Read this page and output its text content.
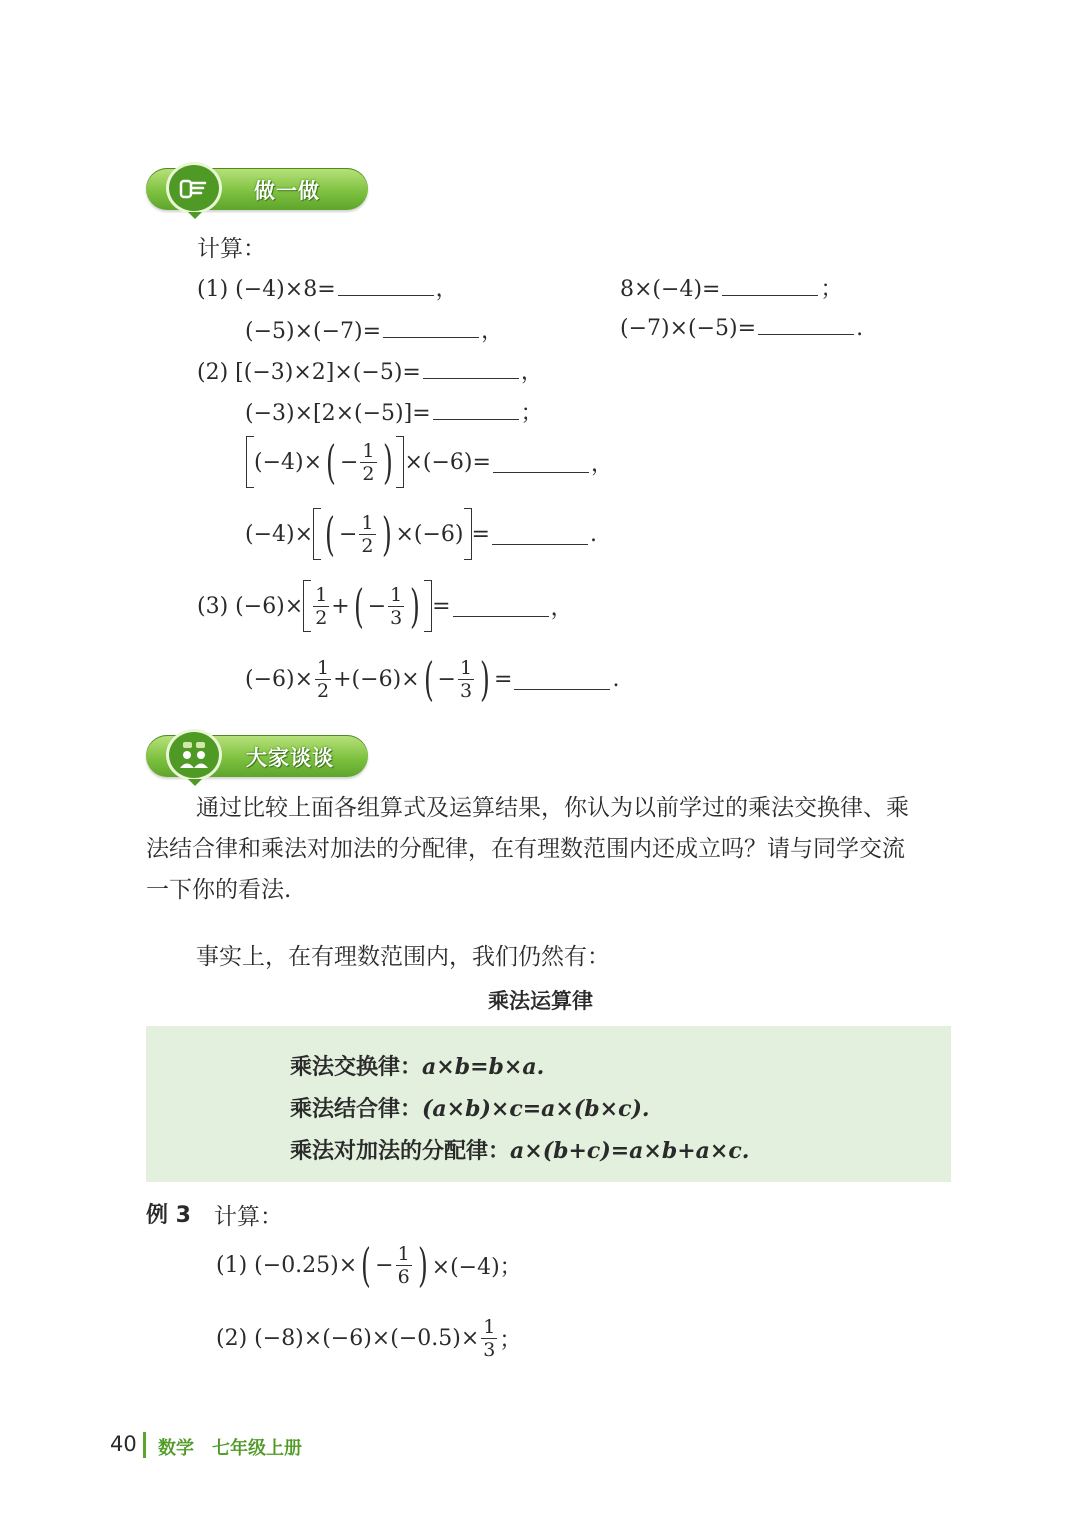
做一做
计算：
(1) (−4)×8=	，	8×(−4)=	；
(−5)×(−7)=	，	(−7)×(−5)=	.
(2) [(−3)×2]×(−5)=	，
(−3)×[2×(−5)]=	；
(−4)× ( − $\frac{1}{2}$ ) ×(−6)=	，
(−4)× ( − $\frac{1}{2}$ ) ×(−6) =	.
(3)
$(-6)\times \frac{1}{2}$ + ( − $\frac{1}{3}$ ) =	，
$(-6)\times \frac{1}{2} +(-6)\times$ ( − $\frac{1}{3}$ ) =	.
大家谈谈
通过比较上面各组算式及运算结果，你认为以前学过的乘法交换律、乘
法结合律和乘法对加法的分配律，在有理数范围内还成立吗？请与同学交流
一下你的看法.
事实上，在有理数范围内，我们仍然有：
乘法运算律
乘法交换律：a×b=b×a.
乘法结合律：(a×b)×c=a×(b×c).
乘法对加法的分配律：a×(b+c)=a×b+a×c.
例 3 计算：
(1)
(−0.25)× ( − $\frac{1}{6}$ ) ×(−4)；
(2)
$(-8)\times(-6)\times(-0.5)\times \frac{1}{3}$ ；
40 数学 七年级上册
